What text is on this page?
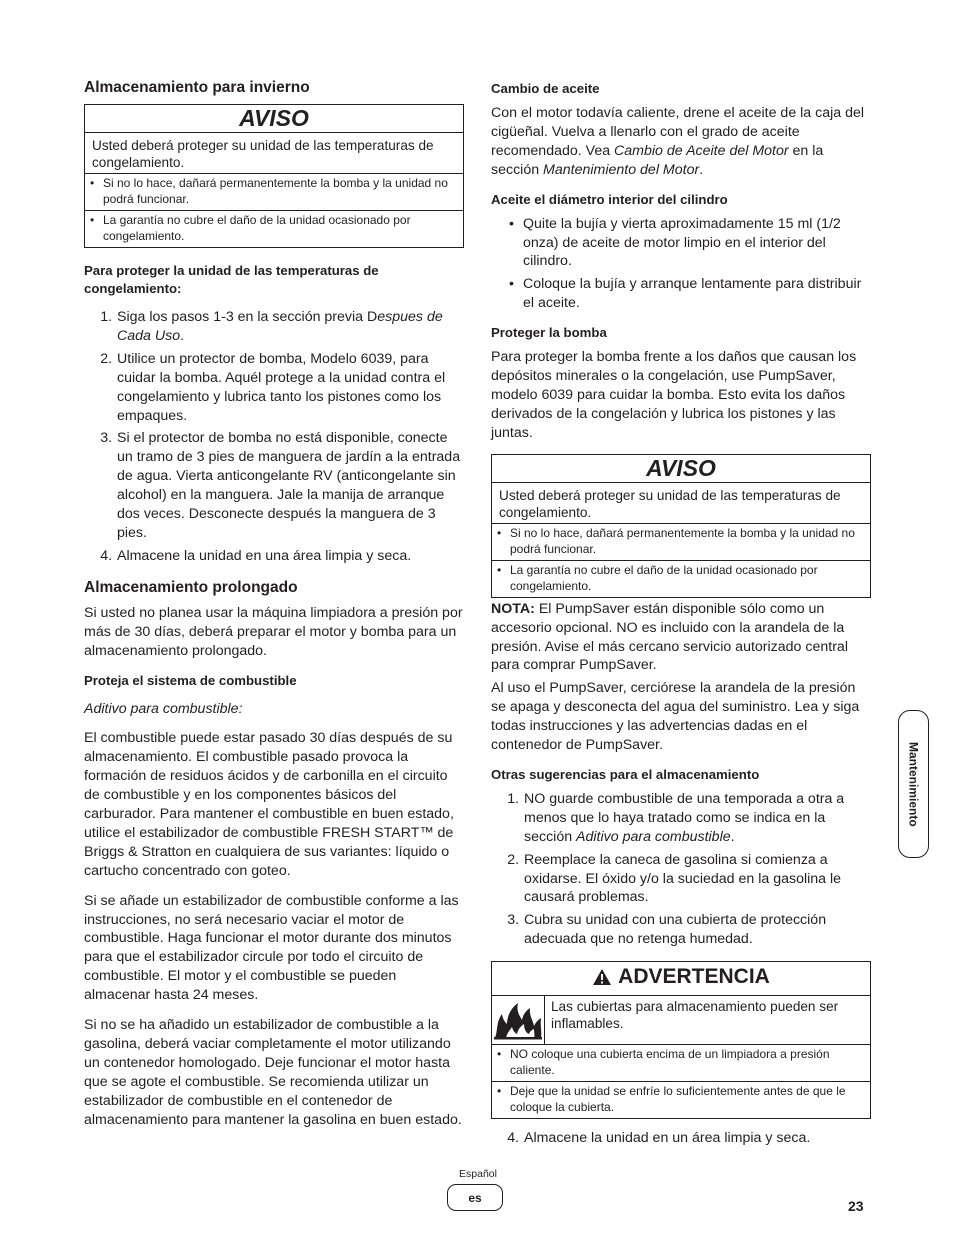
Almacenamiento para invierno
AVISO
Usted deberá proteger su unidad de las temperaturas de congelamiento.
• Si no lo hace, dañará permanentemente la bomba y la unidad no podrá funcionar.
• La garantía no cubre el daño de la unidad ocasionado por congelamiento.
Para proteger la unidad de las temperaturas de congelamiento:
1. Siga los pasos 1-3 en la sección previa Despues de Cada Uso.
2. Utilice un protector de bomba, Modelo 6039, para cuidar la bomba. Aquél protege a la unidad contra el congelamiento y lubrica tanto los pistones como los empaques.
3. Si el protector de bomba no está disponible, conecte un tramo de 3 pies de manguera de jardín a la entrada de agua. Vierta anticongelante RV (anticongelante sin alcohol) en la manguera. Jale la manija de arranque dos veces. Desconecte después la manguera de 3 pies.
4. Almacene la unidad en una área limpia y seca.
Almacenamiento prolongado

Si usted no planea usar la máquina limpiadora a presión por más de 30 días, deberá preparar el motor y bomba para un almacenamiento prolongado.

Proteja el sistema de combustible

Aditivo para combustible:

El combustible puede estar pasado 30 días después de su almacenamiento. El combustible pasado provoca la formación de residuos ácidos y de carbonilla en el circuito de combustible y en los componentes básicos del carburador. Para mantener el combustible en buen estado, utilice el estabilizador de combustible FRESH START™ de Briggs & Stratton en cualquiera de sus variantes: líquido o cartucho concentrado con goteo.

Si se añade un estabilizador de combustible conforme a las instrucciones, no será necesario vaciar el motor de combustible. Haga funcionar el motor durante dos minutos para que el estabilizador circule por todo el circuito de combustible. El motor y el combustible se pueden almacenar hasta 24 meses.

Si no se ha añadido un estabilizador de combustible a la gasolina, deberá vaciar completamente el motor utilizando un contenedor homologado. Deje funcionar el motor hasta que se agote el combustible. Se recomienda utilizar un estabilizador de combustible en el contenedor de almacenamiento para mantener la gasolina en buen estado.

Cambio de aceite

Con el motor todavía caliente, drene el aceite de la caja del cigüeñal. Vuelva a llenarlo con el grado de aceite recomendado. Vea Cambio de Aceite del Motor en la sección Mantenimiento del Motor.

Aceite el diámetro interior del cilindro
• Quite la bujía y vierta aproximadamente 15 ml (1/2 onza) de aceite de motor limpio en el interior del cilindro.
• Coloque la bujía y arranque lentamente para distribuir el aceite.
Proteger la bomba

Para proteger la bomba frente a los daños que causan los depósitos minerales o la congelación, use PumpSaver, modelo 6039 para cuidar la bomba. Esto evita los daños derivados de la congelación y lubrica los pistones y las juntas.

AVISO
Usted deberá proteger su unidad de las temperaturas de congelamiento.
• Si no lo hace, dañará permanentemente la bomba y la unidad no podrá funcionar.
• La garantía no cubre el daño de la unidad ocasionado por congelamiento.

NOTA: El PumpSaver están disponible sólo como un accesorio opcional. NO es incluido con la arandela de la presión. Avise el más cercano servicio autorizado central para comprar PumpSaver.

Al uso el PumpSaver, cerciórese la arandela de la presión se apaga y desconecta del agua del suministro. Lea y siga todas instrucciones y las advertencias dadas en el contenedor de PumpSaver.

Otras sugerencias para el almacenamiento
1. NO guarde combustible de una temporada a otra a menos que lo haya tratado como se indica en la sección Aditivo para combustible.
2. Reemplace la caneca de gasolina si comienza a oxidarse. El óxido y/o la suciedad en la gasolina le causará problemas.
3. Cubra su unidad con una cubierta de protección adecuada que no retenga humedad.
ADVERTENCIA
Las cubiertas para almacenamiento pueden ser inflamables.
• NO coloque una cubierta encima de un limpiadora a presión caliente.
• Deje que la unidad se enfríe lo suficientemente antes de que le coloque la cubierta.
4. Almacene la unidad en un área limpia y seca.
Mantenimiento
Español
es
23
